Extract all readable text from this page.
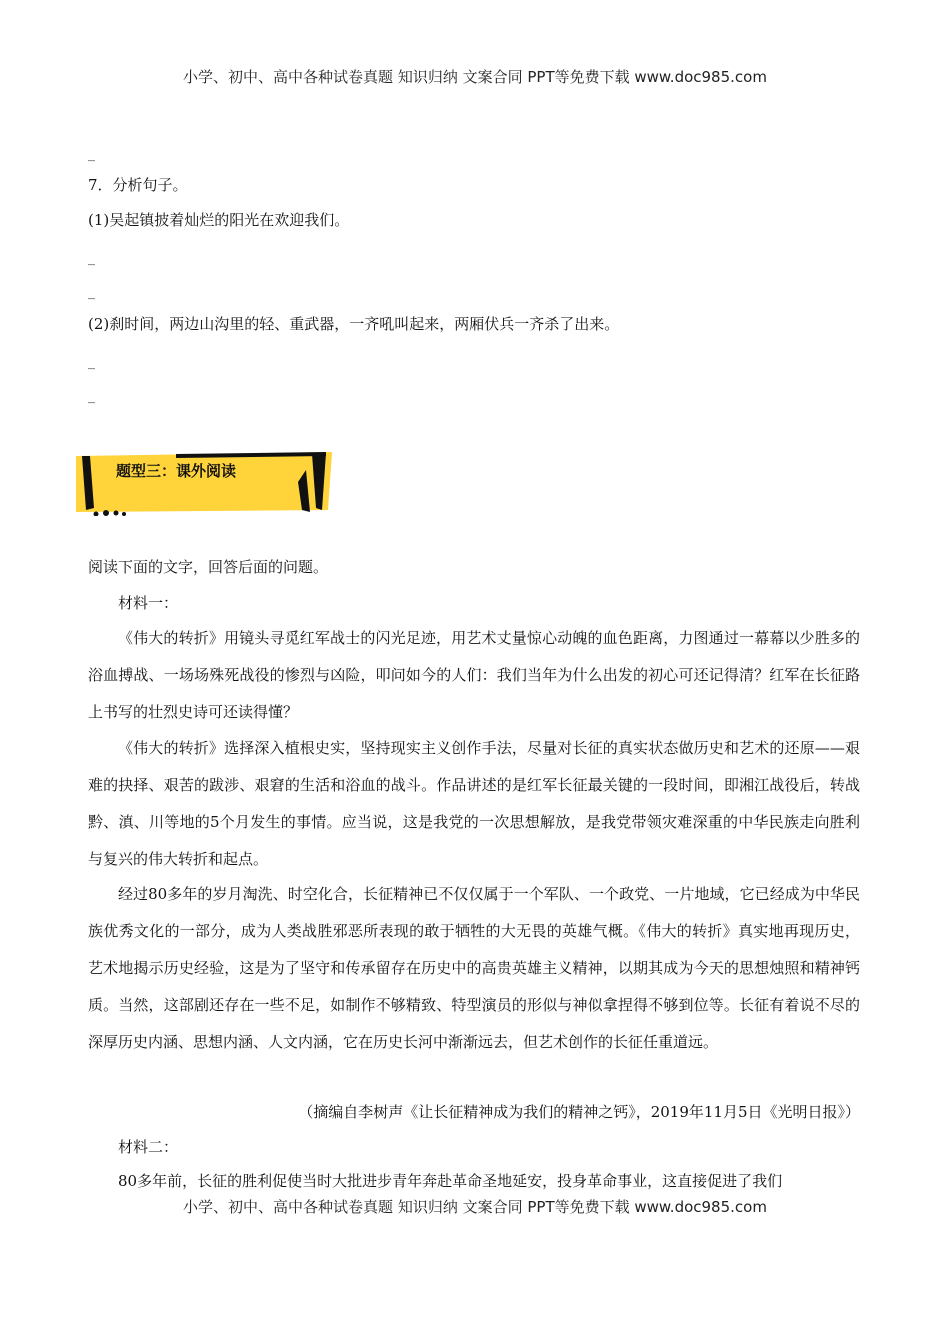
小学、初中、高中各种试卷真题 知识归纳 文案合同 PPT等免费下载 www.doc985.com
_
7．分析句子。
(1)吴起镇披着灿烂的阳光在欢迎我们。
_
_
(2)刹时间，两边山沟里的轻、重武器，一齐吼叫起来，两厢伏兵一齐杀了出来。
_
_
题型三：课外阅读
阅读下面的文字，回答后面的问题。
材料一：
《伟大的转折》用镜头寻觅红军战士的闪光足迹，用艺术丈量惊心动魄的血色距离，力图通过一幕幕以少胜多的浴血搏战、一场场殊死战役的惨烈与凶险，叩问如今的人们：我们当年为什么出发的初心可还记得清？红军在长征路上书写的壮烈史诗可还读得懂？
《伟大的转折》选择深入植根史实，坚持现实主义创作手法，尽量对长征的真实状态做历史和艺术的还原——艰难的抉择、艰苦的跋涉、艰窘的生活和浴血的战斗。作品讲述的是红军长征最关键的一段时间，即湘江战役后，转战黔、滇、川等地的5个月发生的事情。应当说，这是我党的一次思想解放，是我党带领灾难深重的中华民族走向胜利与复兴的伟大转折和起点。
经过80多年的岁月淘洗、时空化合，长征精神已不仅仅属于一个军队、一个政党、一片地域，它已经成为中华民族优秀文化的一部分，成为人类战胜邪恶所表现的敢于牺牲的大无畏的英雄气概。《伟大的转折》真实地再现历史，艺术地揭示历史经验，这是为了坚守和传承留存在历史中的高贵英雄主义精神，以期其成为今天的思想烛照和精神钙质。当然，这部剧还存在一些不足，如制作不够精致、特型演员的形似与神似拿捏得不够到位等。长征有着说不尽的深厚历史内涵、思想内涵、人文内涵，它在历史长河中渐渐远去，但艺术创作的长征任重道远。
（摘编自李树声《让长征精神成为我们的精神之钙》，2019年11月5日《光明日报》）
材料二：
80多年前，长征的胜利促使当时大批进步青年奔赴革命圣地延安，投身革命事业，这直接促进了我们
小学、初中、高中各种试卷真题 知识归纳 文案合同 PPT等免费下载 www.doc985.com
